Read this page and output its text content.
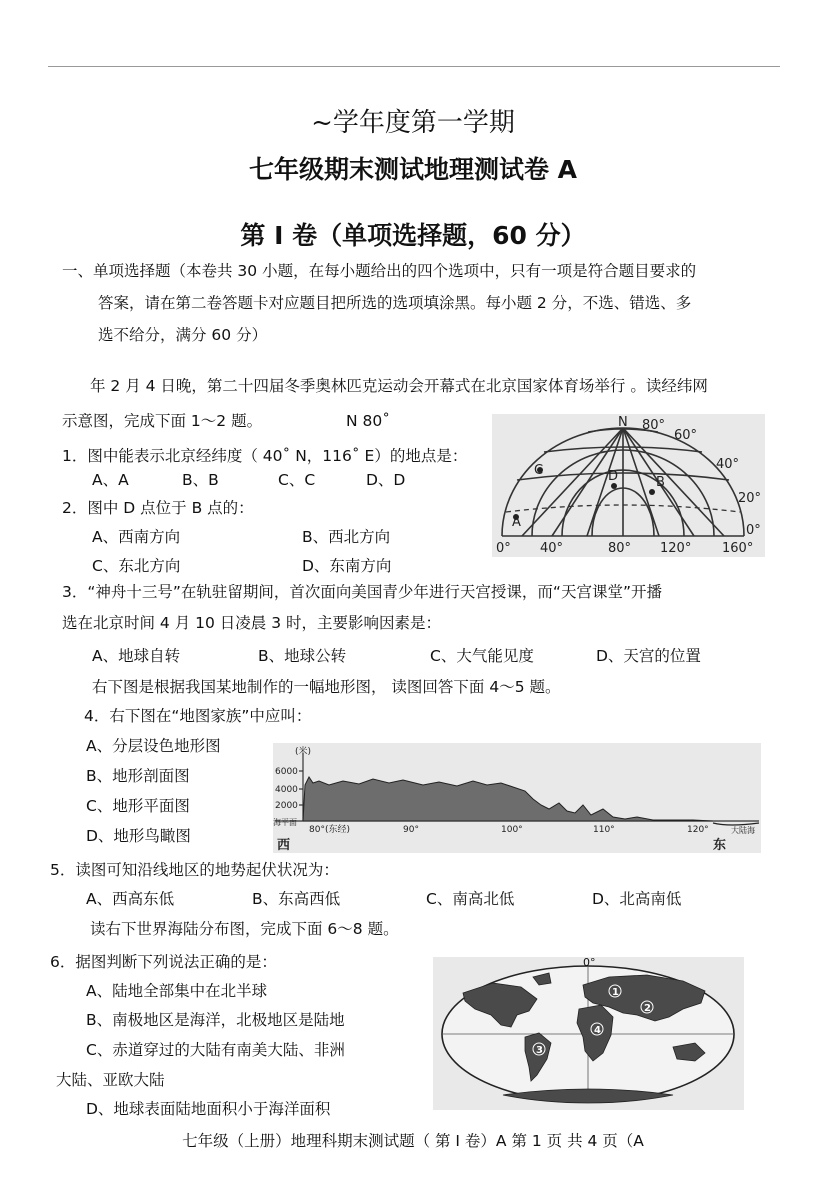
~学年度第一学期
七年级期末测试地理测试卷 A
第 I 卷（单项选择题，60 分）
一、单项选择题（本卷共 30 小题，在每小题给出的四个选项中，只有一项是符合题目要求的
答案，请在第二卷答题卡对应题目把所选的选项填涂黑。每小题 2 分，不选、错选、多
选不给分，满分 60 分）
年 2 月 4 日晚，第二十四届冬季奥林匹克运动会开幕式在北京国家体育场举行 。读经纬网
示意图，完成下面 1～2 题。	N 80˚	N 80°
60°
40°
20°
0°
0° 40°	80° 120° 160°
A
B
C	D
1．图中能表示北京经纬度（ 40˚ N，116˚ E）的地点是：
A、A	B、B	C、C	D、D
2．图中 D 点位于 B 点的：
A、西南方向	B、西北方向
C、东北方向	D、东南方向
3．“神舟十三号”在轨驻留期间，首次面向美国青少年进行天宫授课，而“天宫课堂”开播
选在北京时间 4 月 10 日凌晨 3 时，主要影响因素是：
A、地球自转	B、地球公转	C、大气能见度	D、天宫的位置
右下图是根据我国某地制作的一幅地形图， 读图回答下面 4～5 题。
4．右下图在“地图家族”中应叫：
A、分层设色地形图
B、地形剖面图
C、地形平面图
D、地形鸟瞰图
(米)
6000
4000
2000
海平面
80°(东经)	90°	100°	110°	120°	大陆海
西	东
5．读图可知沿线地区的地势起伏状况为：
A、西高东低	B、东高西低	C、南高北低	D、北高南低
读右下世界海陆分布图，完成下面 6～8 题。
6．据图判断下列说法正确的是：
A、陆地全部集中在北半球
B、南极地区是海洋，北极地区是陆地
C、赤道穿过的大陆有南美大陆、非洲
大陆、亚欧大陆
D、地球表面陆地面积小于海洋面积
0°
1
2
3
4
七年级（上册）地理科期末测试题（ 第 I 卷）A 第 1 页 共 4 页（A
